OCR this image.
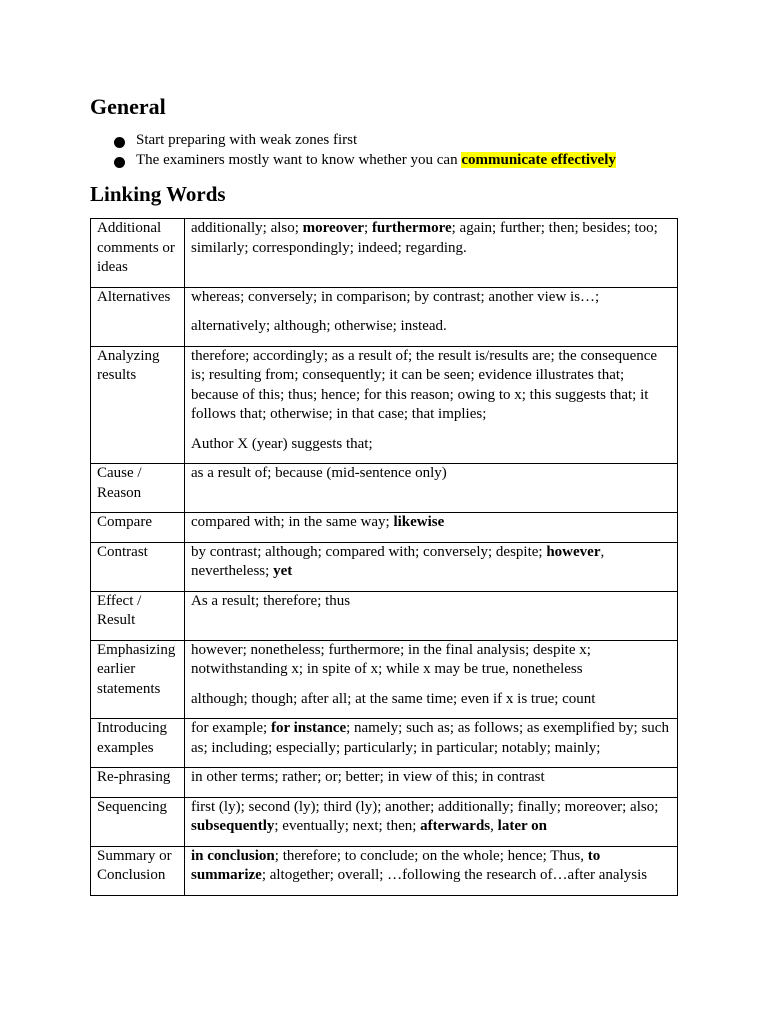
General
Start preparing with weak zones first
The examiners mostly want to know whether you can communicate effectively
Linking Words
Additional comments or ideas	additionally; also; moreover; furthermore; again; further; then; besides; too; similarly; correspondingly; indeed; regarding.

Alternatives	whereas; conversely; in comparison; by contrast; another view is…;

alternatively; although; otherwise; instead.

Analyzing results	therefore; accordingly; as a result of; the result is/results are; the consequence is; resulting from; consequently; it can be seen; evidence illustrates that; because of this; thus; hence; for this reason; owing to x; this suggests that; it follows that; otherwise; in that case; that implies;

Author X (year) suggests that;

Cause / Reason	as a result of; because (mid-sentence only)

Compare	compared with; in the same way; likewise

Contrast	by contrast; although; compared with; conversely; despite; however, nevertheless; yet

Effect / Result	As a result; therefore; thus

Emphasizing earlier statements	however; nonetheless; furthermore; in the final analysis; despite x; notwithstanding x; in spite of x; while x may be true, nonetheless

although; though; after all; at the same time; even if x is true; count

Introducing examples	for example; for instance; namely; such as; as follows; as exemplified by; such as; including; especially; particularly; in particular; notably; mainly;

Re-phrasing	in other terms; rather; or; better; in view of this; in contrast

Sequencing	first (ly); second (ly); third (ly); another; additionally; finally; moreover; also; subsequently; eventually; next; then; afterwards, later on

Summary or Conclusion	in conclusion; therefore; to conclude; on the whole; hence; Thus, to summarize; altogether; overall; …following the research of…after analysis
